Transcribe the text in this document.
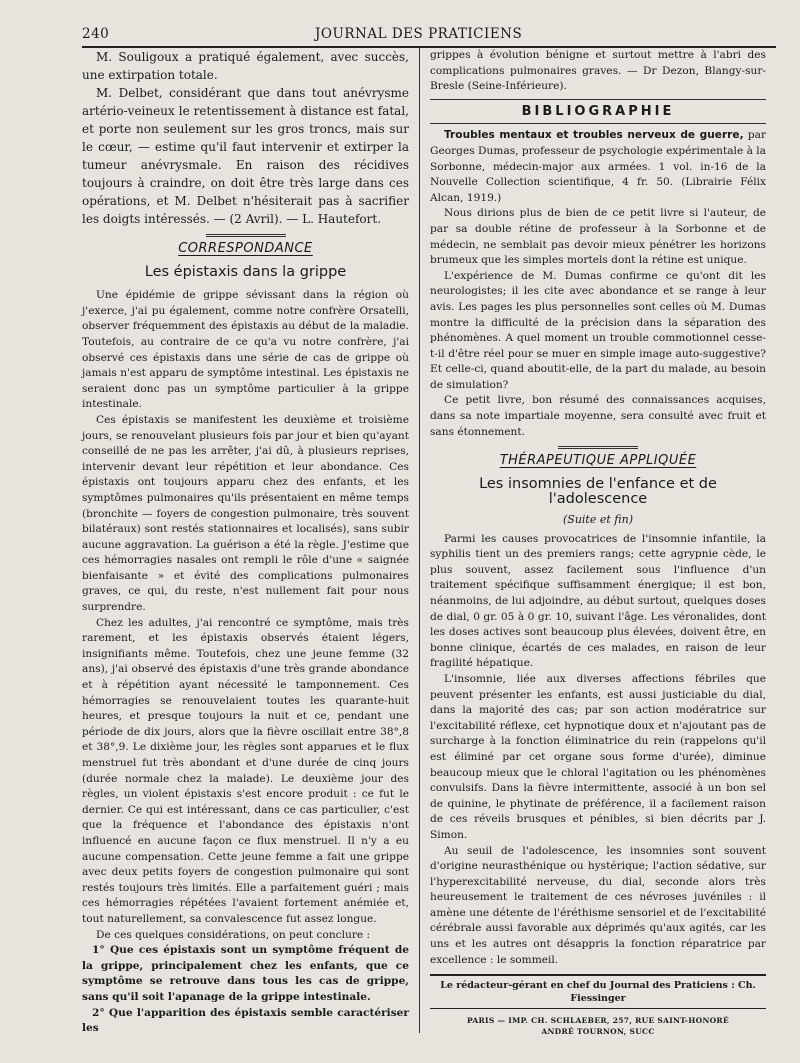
240	JOURNAL DES PRATICIENS

M. Souligoux a pratiqué également, avec succès, une extirpation totale.

M. Delbet, considérant que dans tout anévrysme artério-veineux le retentissement à distance est fatal, et porte non seulement sur les gros troncs, mais sur le cœur, — estime qu'il faut intervenir et extirper la tumeur anévrysmale. En raison des récidives toujours à craindre, on doit être très large dans ces opérations, et M. Delbet n'hésiterait pas à sacrifier les doigts intéressés. — (2 Avril). — L. Hautefort.

CORRESPONDANCE
Les épistaxis dans la grippe

Une épidémie de grippe sévissant dans la région où j'exerce, j'ai pu également, comme notre confrère Orsatelli, observer fréquemment des épistaxis au début de la maladie. Toutefois, au contraire de ce qu'a vu notre confrère, j'ai observé ces épistaxis dans une série de cas de grippe où jamais n'est apparu de symptôme intestinal. Les épistaxis ne seraient donc pas un symptôme particulier à la grippe intestinale.

Ces épistaxis se manifestent les deuxième et troisième jours, se renouvelant plusieurs fois par jour et bien qu'ayant conseillé de ne pas les arrêter, j'ai dû, à plusieurs reprises, intervenir devant leur répétition et leur abondance. Ces épistaxis ont toujours apparu chez des enfants, et les symptômes pulmonaires qu'ils présentaient en même temps (bronchite — foyers de congestion pulmonaire, très souvent bilatéraux) sont restés stationnaires et localisés), sans subir aucune aggravation. La guérison a été la règle. J'estime que ces hémorragies nasales ont rempli le rôle d'une « saignée bienfaisante » et évité des complications pulmonaires graves, ce qui, du reste, n'est nullement fait pour nous surprendre.

Chez les adultes, j'ai rencontré ce symptôme, mais très rarement, et les épistaxis observés étaient légers, insignifiants même. Toutefois, chez une jeune femme (32 ans), j'ai observé des épistaxis d'une très grande abondance et à répétition ayant nécessité le tamponnement. Ces hémorragies se renouvelaient toutes les quarante-huit heures, et presque toujours la nuit et ce, pendant une période de dix jours, alors que la fièvre oscillait entre 38°,8 et 38°,9. Le dixième jour, les règles sont apparues et le flux menstruel fut très abondant et d'une durée de cinq jours (durée normale chez la malade). Le deuxième jour des règles, un violent épistaxis s'est encore produit : ce fut le dernier. Ce qui est intéressant, dans ce cas particulier, c'est que la fréquence et l'abondance des épistaxis n'ont influencé en aucune façon ce flux menstruel. Il n'y a eu aucune compensation. Cette jeune femme a fait une grippe avec deux petits foyers de congestion pulmonaire qui sont restés toujours très limités. Elle a parfaitement guéri ; mais ces hémorragies répétées l'avaient fortement anémiée et, tout naturellement, sa convalescence fut assez longue.

De ces quelques considérations, on peut conclure :

1° Que ces épistaxis sont un symptôme fréquent de la grippe, principalement chez les enfants, que ce symptôme se retrouve dans tous les cas de grippe, sans qu'il soit l'apanage de la grippe intestinale.

2° Que l'apparition des épistaxis semble caractériser les

grippes à évolution bénigne et surtout mettre à l'abri des complications pulmonaires graves. — Dr Dezon, Blangy-sur-Bresle (Seine-Inférieure).

BIBLIOGRAPHIE

Troubles mentaux et troubles nerveux de guerre, par Georges Dumas, professeur de psychologie expérimentale à la Sorbonne, médecin-major aux armées. 1 vol. in-16 de la Nouvelle Collection scientifique, 4 fr. 50. (Librairie Félix Alcan, 1919.)

Nous dirions plus de bien de ce petit livre si l'auteur, de par sa double rétine de professeur à la Sorbonne et de médecin, ne semblait pas devoir mieux pénétrer les horizons brumeux que les simples mortels dont la rétine est unique.

L'expérience de M. Dumas confirme ce qu'ont dit les neurologistes; il les cite avec abondance et se range à leur avis. Les pages les plus personnelles sont celles où M. Dumas montre la difficulté de la précision dans la séparation des phénomènes. A quel moment un trouble commotionnel cesse-t-il d'être réel pour se muer en simple image auto-suggestive? Et celle-ci, quand aboutit-elle, de la part du malade, au besoin de simulation?

Ce petit livre, bon résumé des connaissances acquises, dans sa note impartiale moyenne, sera consulté avec fruit et sans étonnement.

THÉRAPEUTIQUE APPLIQUÉE
Les insomnies de l'enfance et de l'adolescence
(Suite et fin)

Parmi les causes provocatrices de l'insomnie infantile, la syphilis tient un des premiers rangs; cette agrypnie cède, le plus souvent, assez facilement sous l'influence d'un traitement spécifique suffisamment énergique; il est bon, néanmoins, de lui adjoindre, au début surtout, quelques doses de dial, 0 gr. 05 à 0 gr. 10, suivant l'âge. Les véronalides, dont les doses actives sont beaucoup plus élevées, doivent être, en bonne clinique, écartés de ces malades, en raison de leur fragilité hépatique.

L'insomnie, liée aux diverses affections fébriles que peuvent présenter les enfants, est aussi justiciable du dial, dans la majorité des cas; par son action modératrice sur l'excitabilité réflexe, cet hypnotique doux et n'ajoutant pas de surcharge à la fonction éliminatrice du rein (rappelons qu'il est éliminé par cet organe sous forme d'urée), diminue beaucoup mieux que le chloral l'agitation ou les phénomènes convulsifs. Dans la fièvre intermittente, associé à un bon sel de quinine, le phytinate de préférence, il a facilement raison de ces réveils brusques et pénibles, si bien décrits par J. Simon.

Au seuil de l'adolescence, les insomnies sont souvent d'origine neurasthénique ou hystérique; l'action sédative, sur l'hyperexcitabilité nerveuse, du dial, seconde alors très heureusement le traitement de ces névroses juvéniles : il amène une détente de l'éréthisme sensoriel et de l'excitabilité cérébrale aussi favorable aux déprimés qu'aux agités, car les uns et les autres ont désappris la fonction réparatrice par excellence : le sommeil.

Le rédacteur-gérant en chef du Journal des Praticiens : Ch. Fiessinger
PARIS — IMP. CH. SCHLAEBER, 257, RUE SAINT-HONORÉ
ANDRÉ TOURNON, SUCC
